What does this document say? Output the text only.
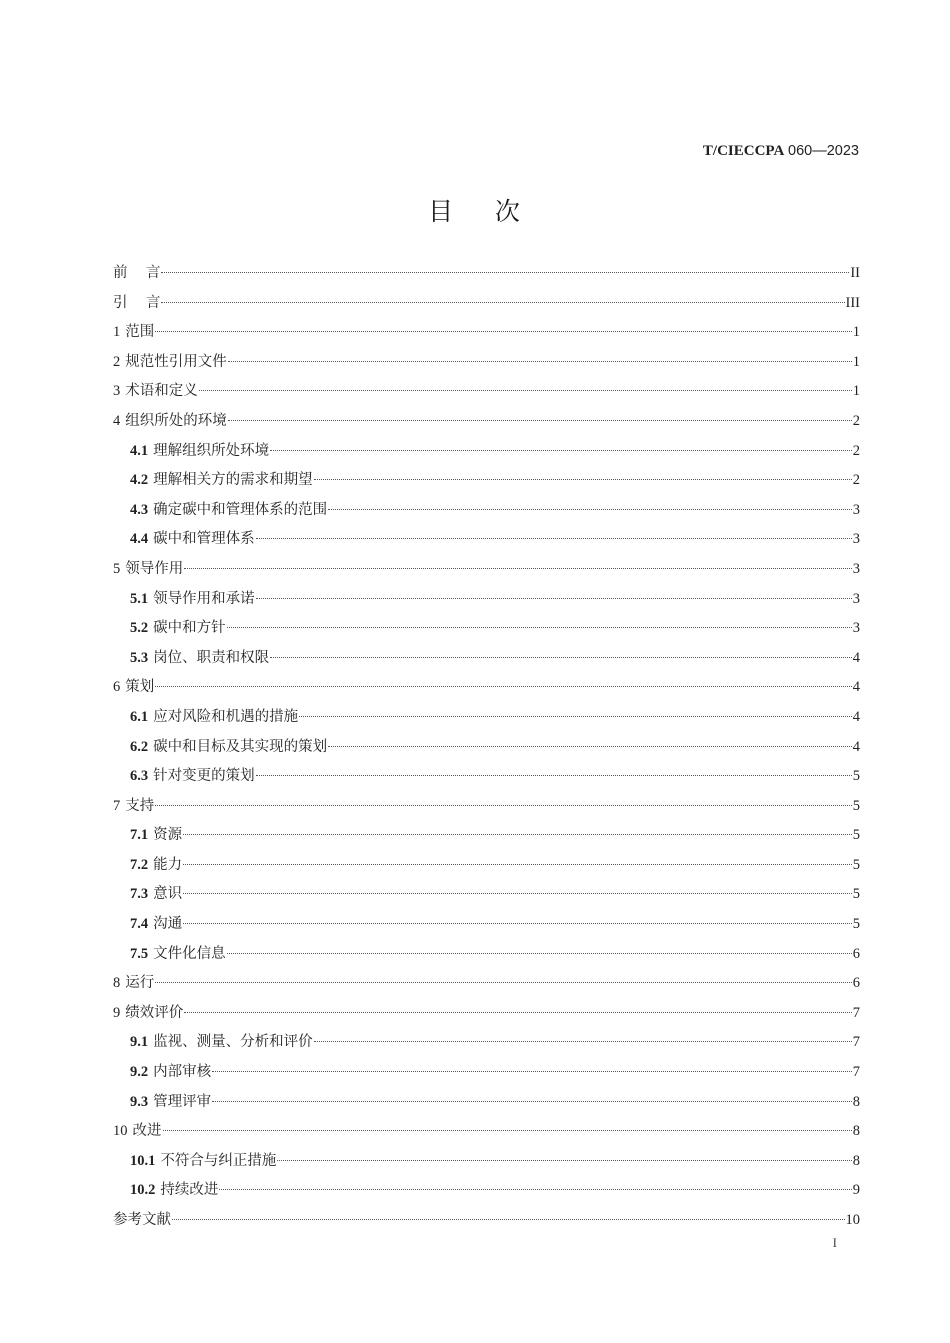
T/CIECCPA 060—2023
目    次
前    言	II
引    言	III
1 范围	1
2 规范性引用文件	1
3 术语和定义	1
4 组织所处的环境	2
4.1 理解组织所处环境	2
4.2 理解相关方的需求和期望	2
4.3 确定碳中和管理体系的范围	3
4.4 碳中和管理体系	3
5 领导作用	3
5.1 领导作用和承诺	3
5.2 碳中和方针	3
5.3 岗位、职责和权限	4
6 策划	4
6.1 应对风险和机遇的措施	4
6.2 碳中和目标及其实现的策划	4
6.3 针对变更的策划	5
7 支持	5
7.1 资源	5
7.2 能力	5
7.3 意识	5
7.4 沟通	5
7.5 文件化信息	6
8 运行	6
9 绩效评价	7
9.1 监视、测量、分析和评价	7
9.2 内部审核	7
9.3 管理评审	8
10 改进	8
10.1 不符合与纠正措施	8
10.2 持续改进	9
参考文献	10
I
